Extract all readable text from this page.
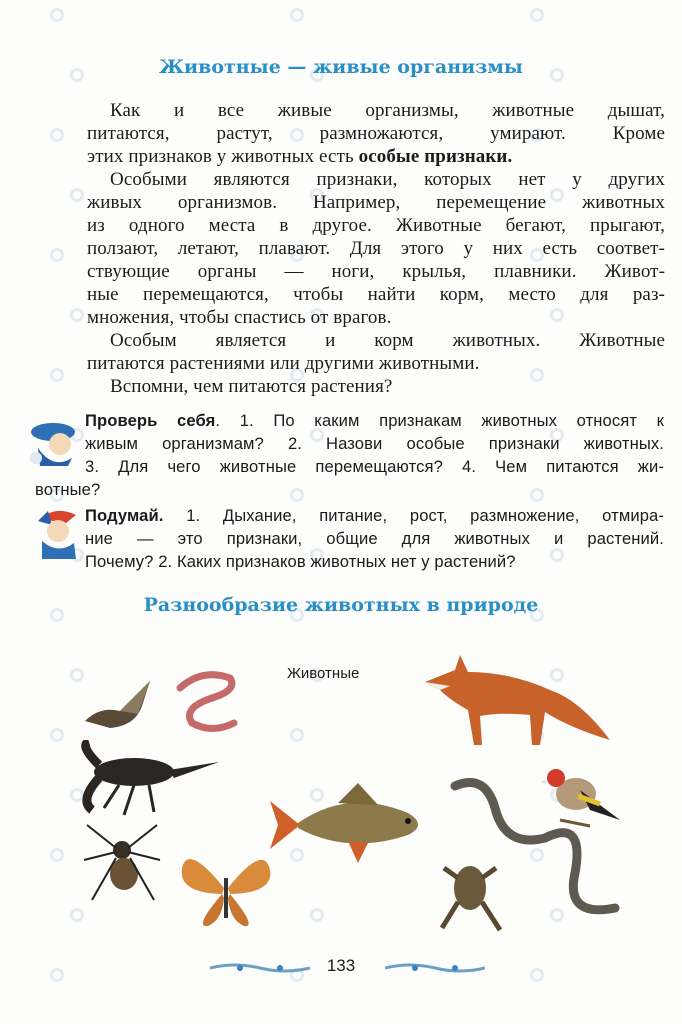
Животные — живые организмы
Как и все живые организмы, животные дышат,
питаются, растут, размножаются, умирают. Кроме
этих признаков у животных есть особые признаки.
Особыми являются признаки, которых нет у других
живых организмов. Например, перемещение животных
из одного места в другое. Животные бегают, прыгают,
ползают, летают, плавают. Для этого у них есть соответ-
ствующие органы — ноги, крылья, плавники. Живот-
ные перемещаются, чтобы найти корм, место для раз-
множения, чтобы спастись от врагов.
Особым является и корм животных. Животные
питаются растениями или другими животными.
Вспомни, чем питаются растения?
Проверь себя. 1. По каким признакам животных относят к
живым организмам? 2. Назови особые признаки животных.
3. Для чего животные перемещаются? 4. Чем питаются жи-
вотные?
Подумай. 1. Дыхание, питание, рост, размножение, отмира-
ние — это признаки, общие для животных и растений.
Почему? 2. Каких признаков животных нет у растений?
Разнообразие животных в природе
Животные
133
